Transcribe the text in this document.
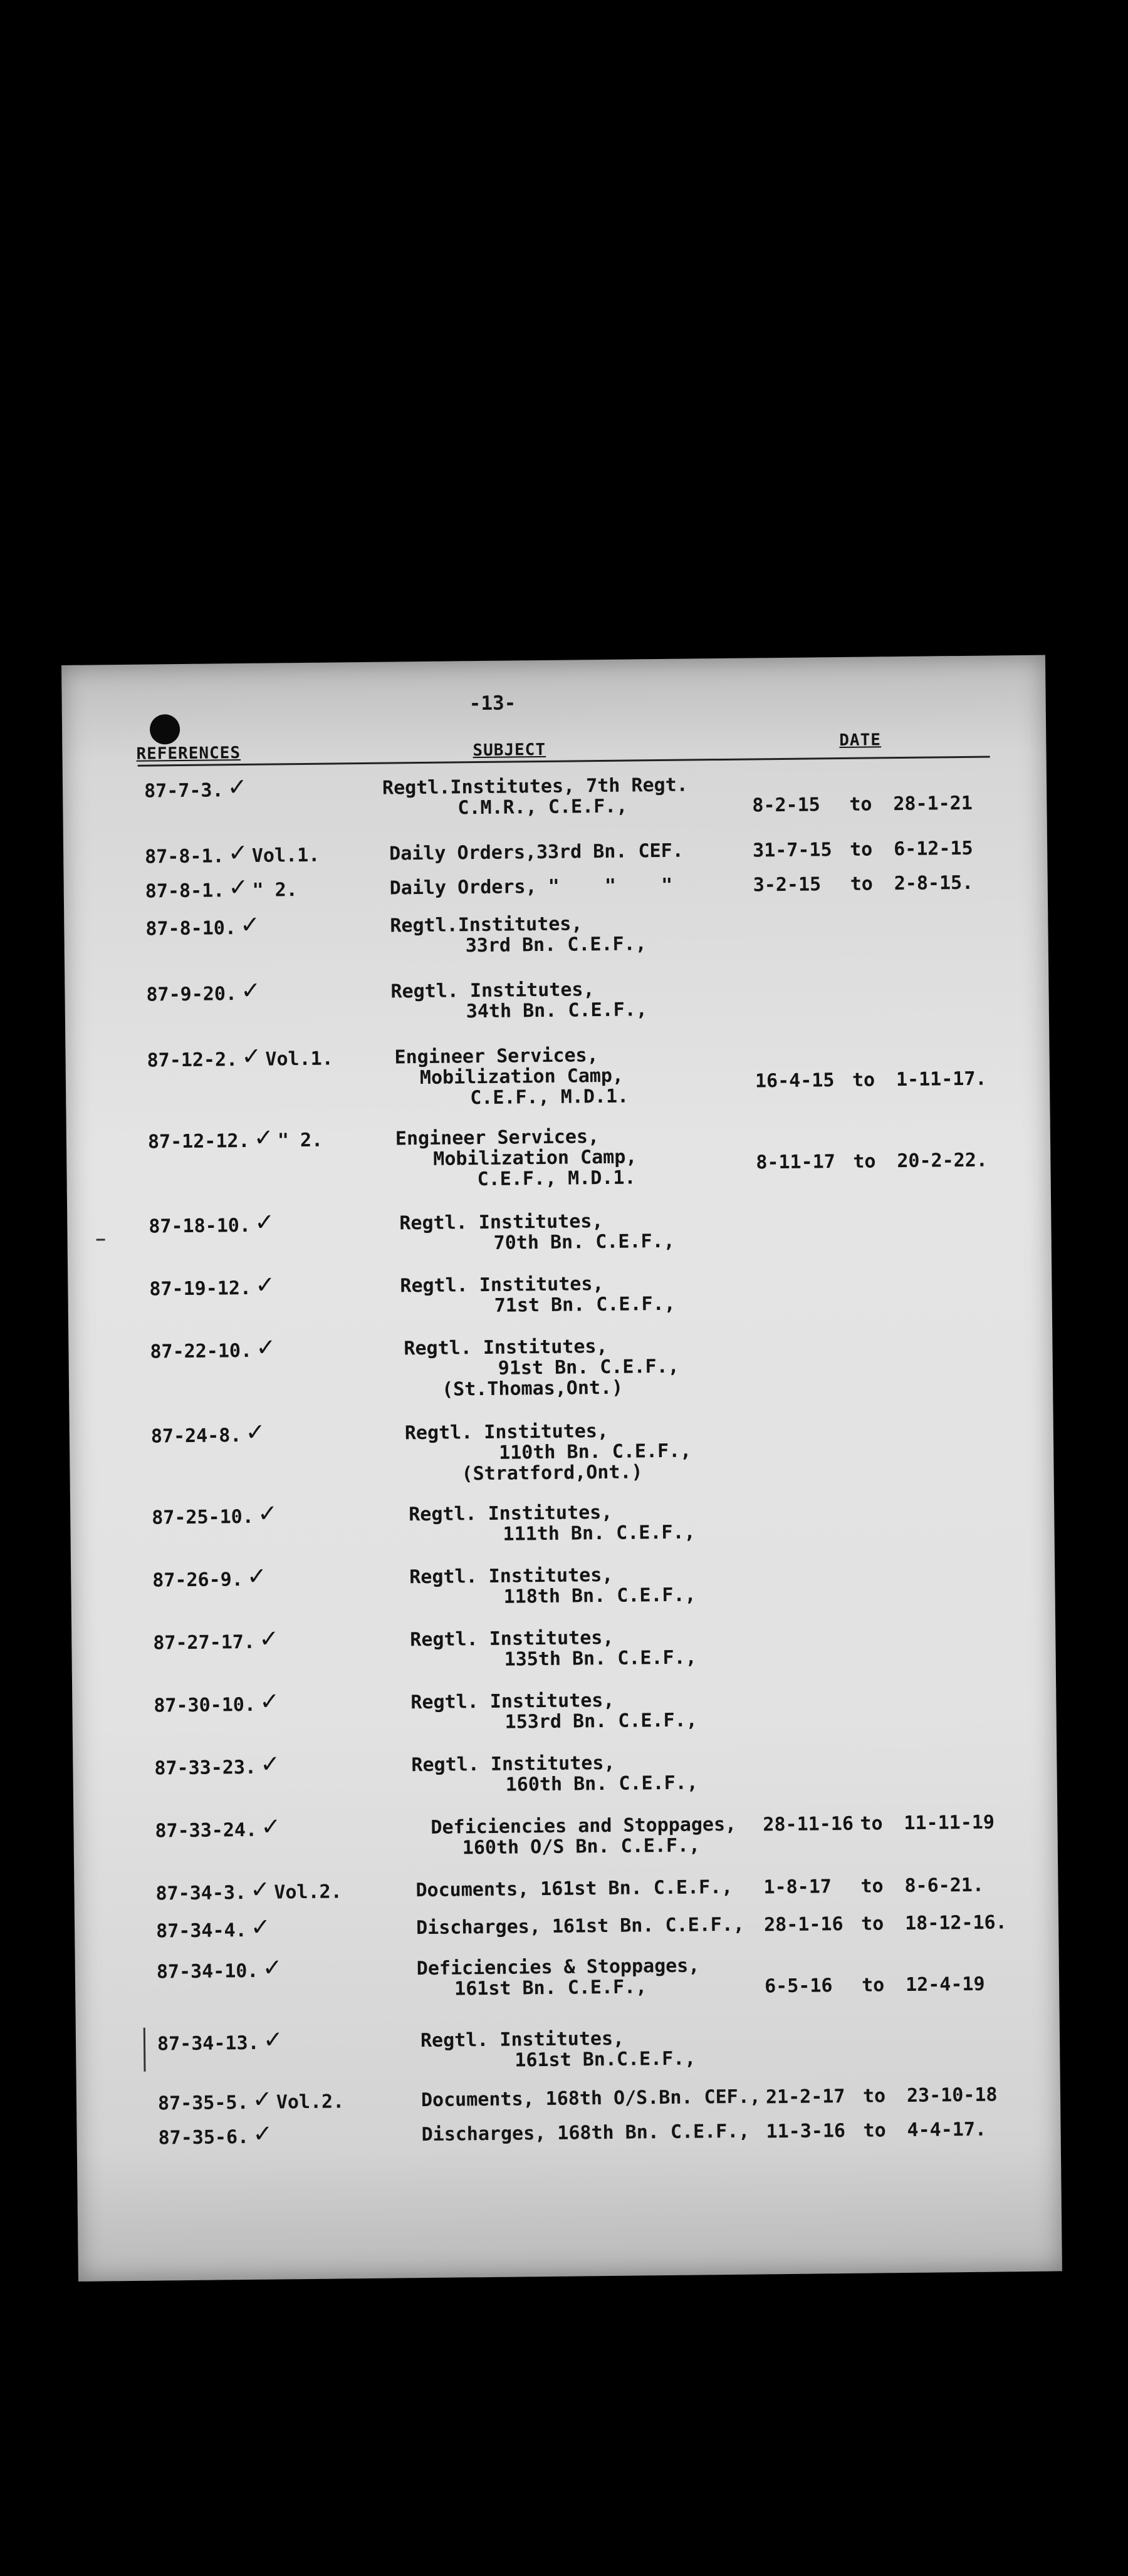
-13-
REFERENCES	SUBJECT
DATE
87-7-3. ✓	Regtl.Institutes, 7th Regt.
C.M.R., C.E.F.,	8-2-15 to 28-1-21
87-8-1. ✓ Vol.1.	Daily Orders,33rd Bn. CEF.	31-7-15 to 6-12-15
87-8-1. ✓ " 2.	Daily Orders, "    "    "	3-2-15 to 2-8-15.
87-8-10. ✓	Regtl.Institutes,
33rd Bn. C.E.F.,
87-9-20. ✓	Regtl. Institutes,
34th Bn. C.E.F.,
87-12-2. ✓ Vol.1.	Engineer Services,
Mobilization Camp,
C.E.F., M.D.1.
16-4-15 to 1-11-17.
87-12-12. ✓ " 2.	Engineer Services,
Mobilization Camp,
C.E.F., M.D.1.
8-11-17 to 20-2-22.
87-18-10. ✓	Regtl. Institutes,
70th Bn. C.E.F.,
87-19-12. ✓	Regtl. Institutes,
71st Bn. C.E.F.,
87-22-10. ✓	Regtl. Institutes,
91st Bn. C.E.F.,
(St.Thomas,Ont.)
87-24-8. ✓	Regtl. Institutes,
110th Bn. C.E.F.,
(Stratford,Ont.)
87-25-10. ✓	Regtl. Institutes,
111th Bn. C.E.F.,
87-26-9. ✓	Regtl. Institutes,
118th Bn. C.E.F.,
87-27-17. ✓	Regtl. Institutes,
135th Bn. C.E.F.,
87-30-10. ✓	Regtl. Institutes,
153rd Bn. C.E.F.,
87-33-23. ✓	Regtl. Institutes,
160th Bn. C.E.F.,
87-33-24. ✓	Deficiencies and Stoppages,
160th O/S Bn. C.E.F.,
28-11-16 to 11-11-19
87-34-3. ✓ Vol.2.	Documents, 161st Bn. C.E.F., 1-8-17 to 8-6-21.
87-34-4. ✓	Discharges, 161st Bn. C.E.F., 28-1-16 to 18-12-16.
87-34-10. ✓	Deficiencies & Stoppages,
161st Bn. C.E.F.,	6-5-16 to 12-4-19
87-34-13. ✓	Regtl. Institutes,
161st Bn.C.E.F.,
87-35-5. ✓ Vol.2.	Documents, 168th O/S.Bn. CEF., 21-2-17 to 23-10-18
87-35-6. ✓	Discharges, 168th Bn. C.E.F., 11-3-16 to 4-4-17.
